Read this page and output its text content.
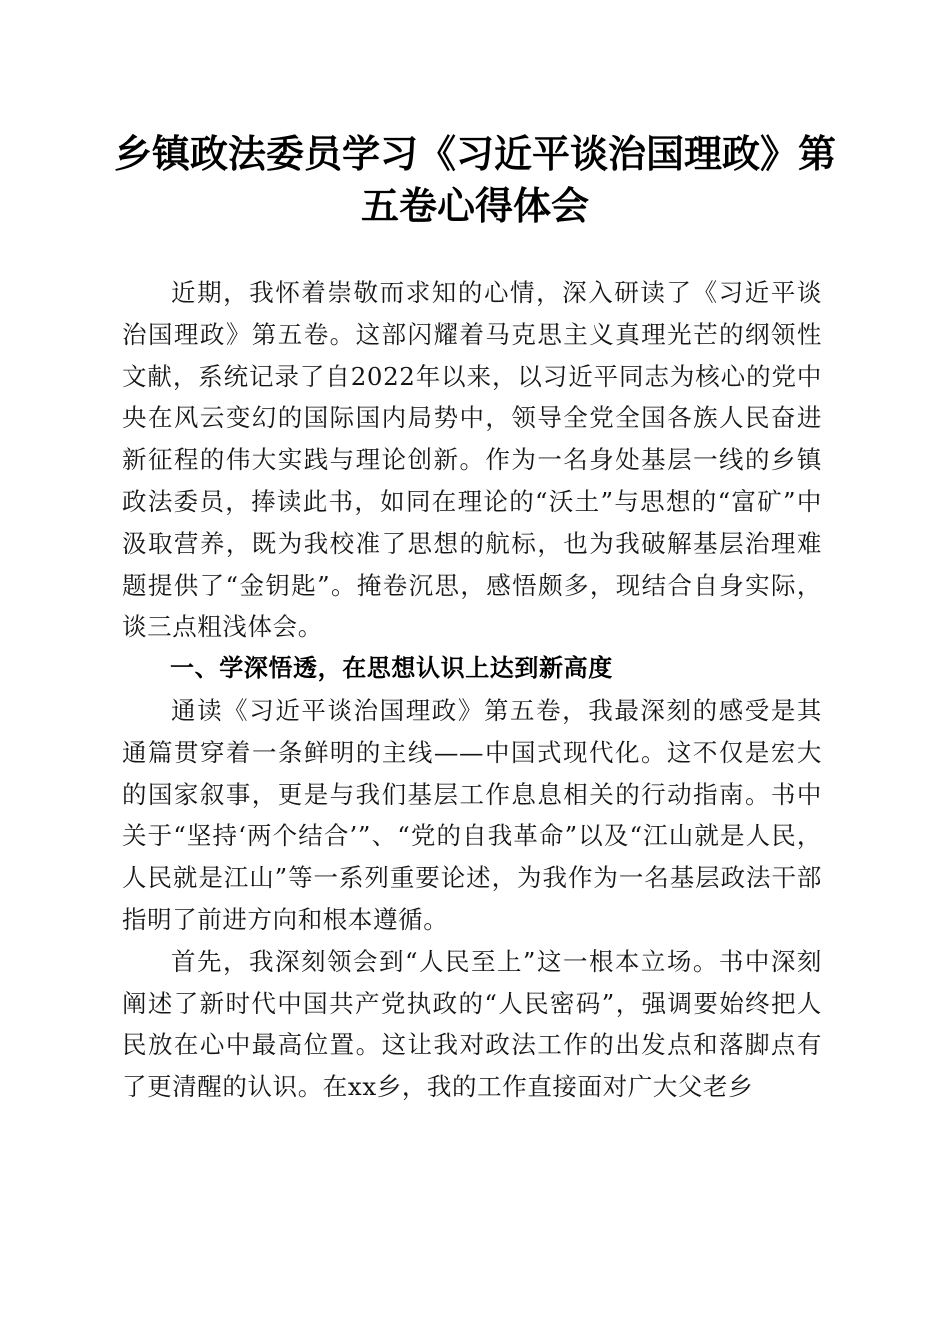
乡镇政法委员学习《习近平谈治国理政》第五卷心得体会

近期，我怀着崇敬而求知的心情，深入研读了《习近平谈治国理政》第五卷。这部闪耀着马克思主义真理光芒的纲领性文献，系统记录了自2022年以来，以习近平同志为核心的党中央在风云变幻的国际国内局势中，领导全党全国各族人民奋进新征程的伟大实践与理论创新。作为一名身处基层一线的乡镇政法委员，捧读此书，如同在理论的“沃土”与思想的“富矿”中汲取营养，既为我校准了思想的航标，也为我破解基层治理难题提供了“金钥匙”。掩卷沉思，感悟颇多，现结合自身实际，谈三点粗浅体会。

一、学深悟透，在思想认识上达到新高度

通读《习近平谈治国理政》第五卷，我最深刻的感受是其通篇贯穿着一条鲜明的主线——中国式现代化。这不仅是宏大的国家叙事，更是与我们基层工作息息相关的行动指南。书中关于“坚持‘两个结合’”、“党的自我革命”以及“江山就是人民，人民就是江山”等一系列重要论述，为我作为一名基层政法干部指明了前进方向和根本遵循。

首先，我深刻领会到“人民至上”这一根本立场。书中深刻阐述了新时代中国共产党执政的“人民密码”，强调要始终把人民放在心中最高位置。这让我对政法工作的出发点和落脚点有了更清醒的认识。在xx乡，我的工作直接面对广大父老乡
